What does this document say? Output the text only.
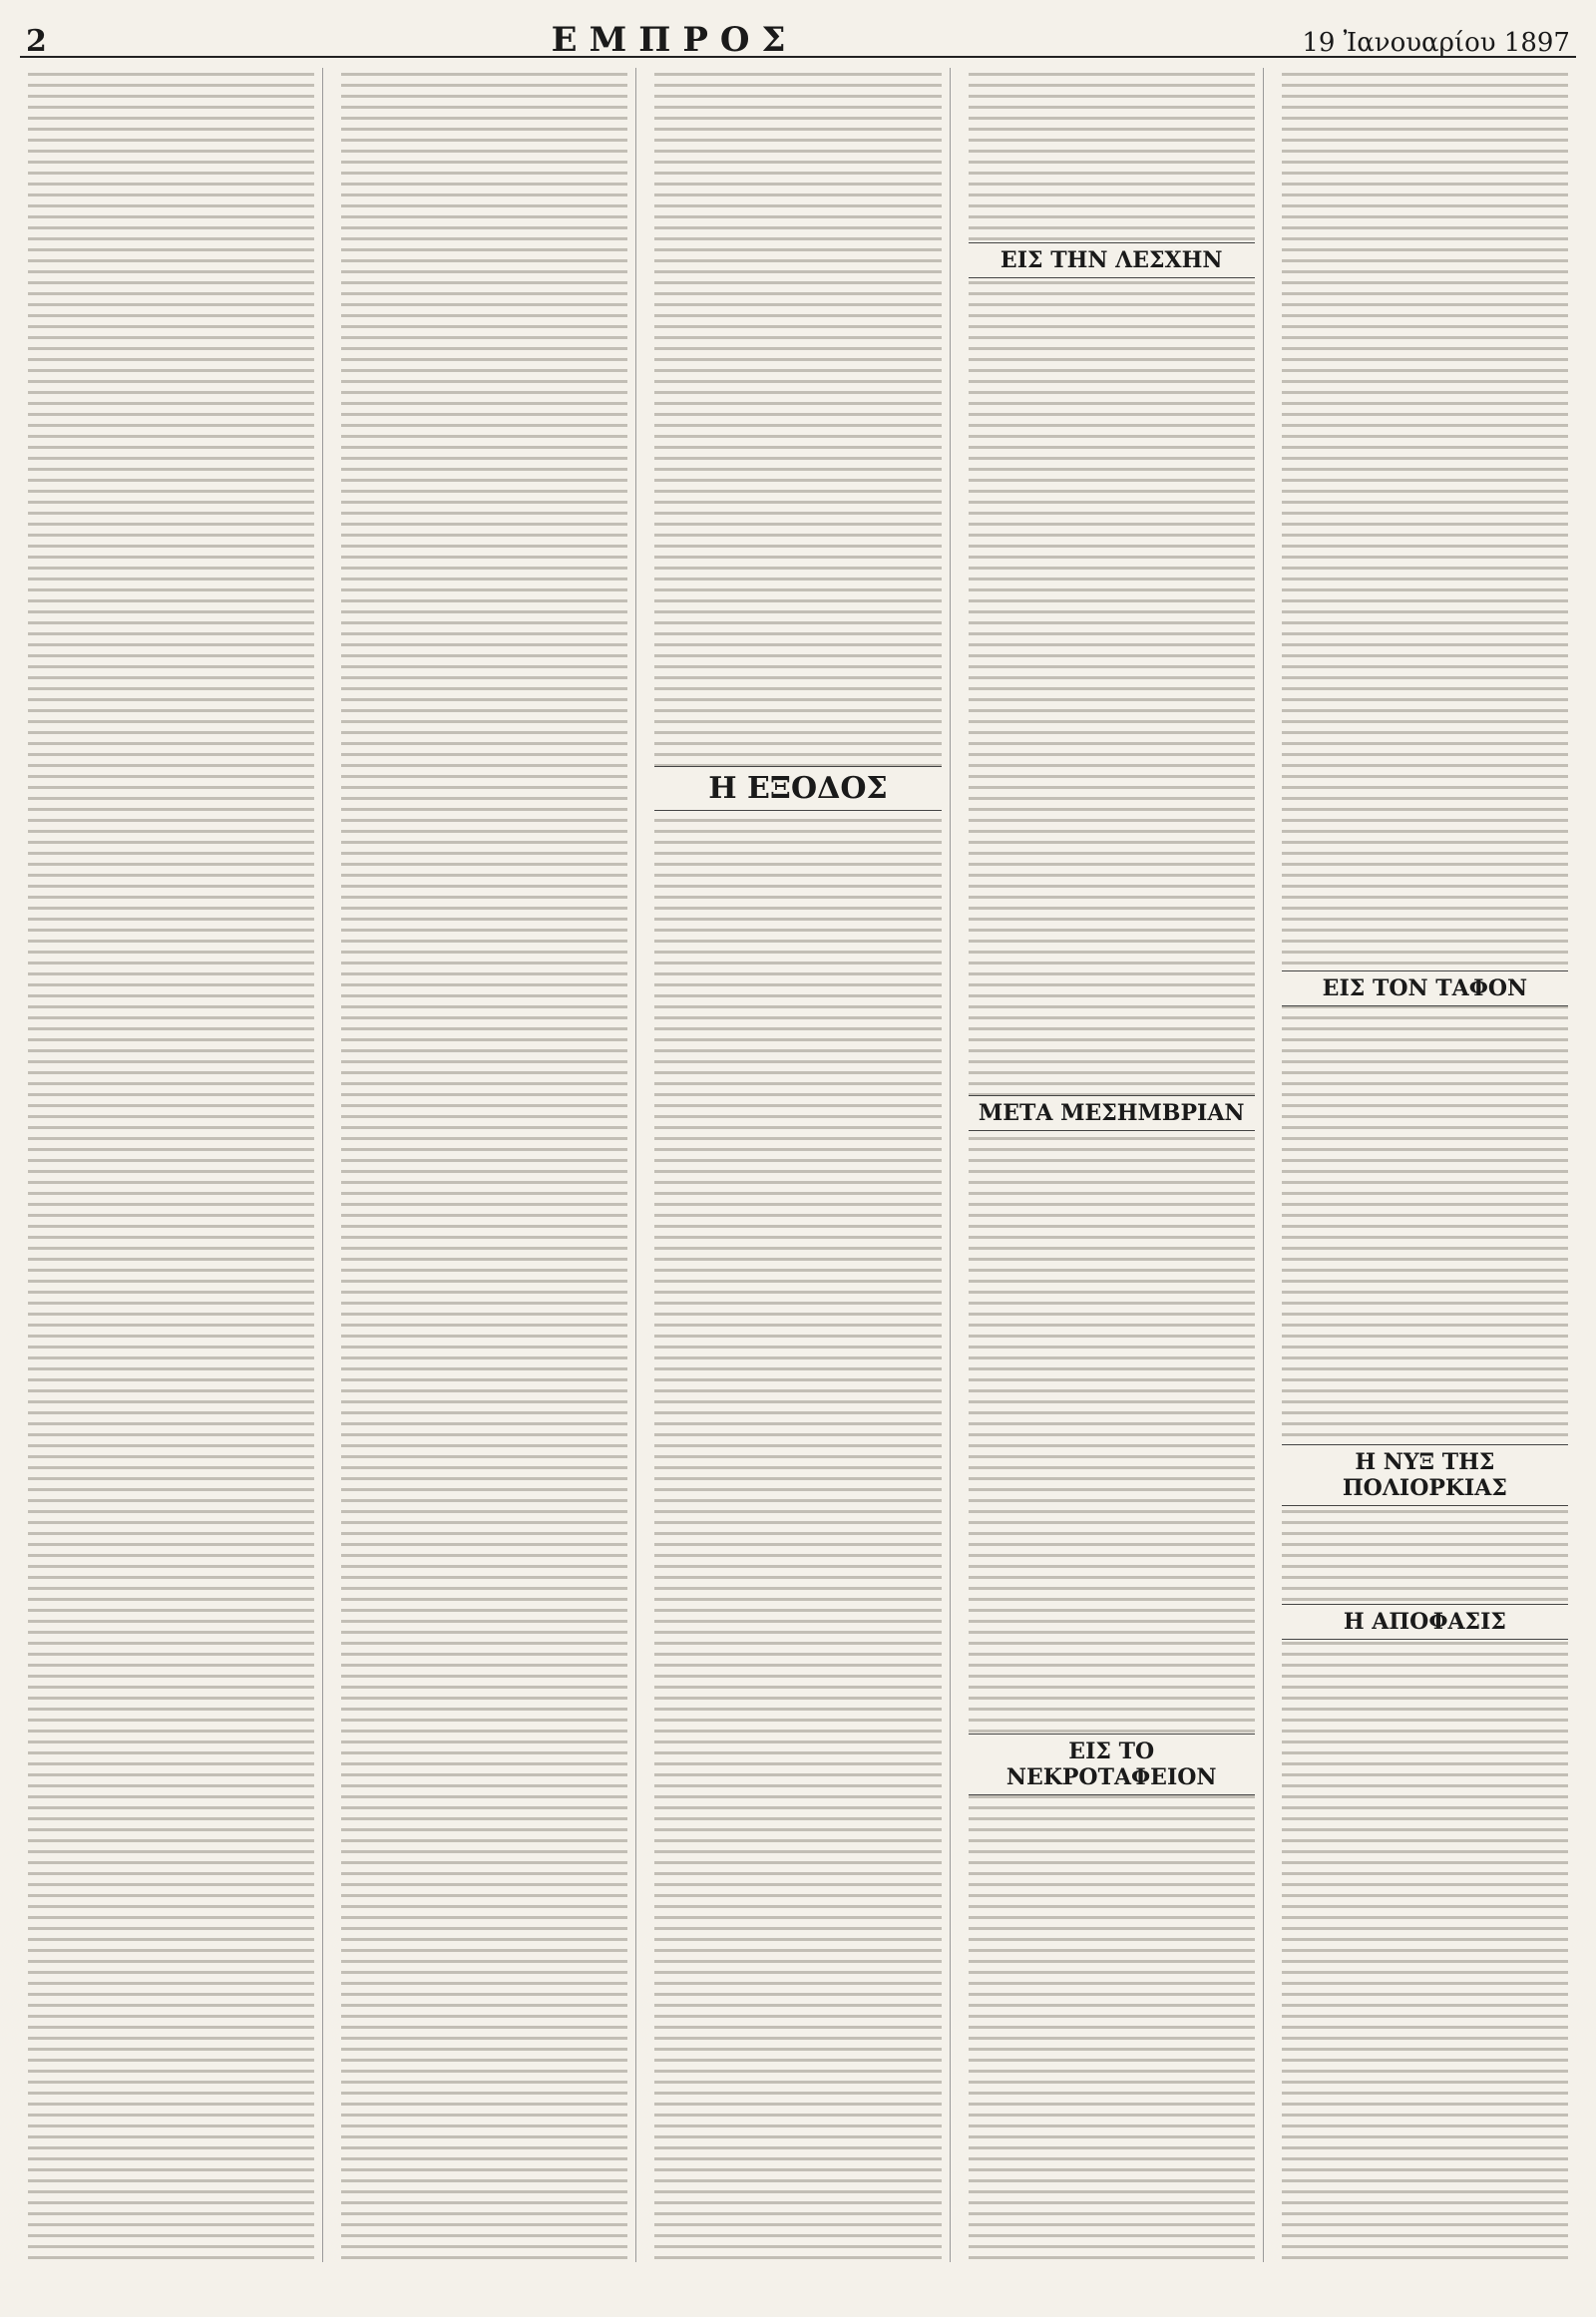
2	ΕΜΠΡΟΣ	19 Ἰανουαρίου 1897
Η ΕΞΟΔΟΣ
ΕΙΣ ΤΗΝ ΛΕΣΧΗΝ
ΜΕΤΑ ΜΕΣΗΜΒΡΙΑΝ
ΕΙΣ ΤΟ ΝΕΚΡΟΤΑΦΕΙΟΝ
ΕΙΣ ΤΟΝ ΤΑΦΟΝ
Η ΝΥΞ ΤΗΣ ΠΟΛΙΟΡΚΙΑΣ
Η ΑΠΟΦΑΣΙΣ
